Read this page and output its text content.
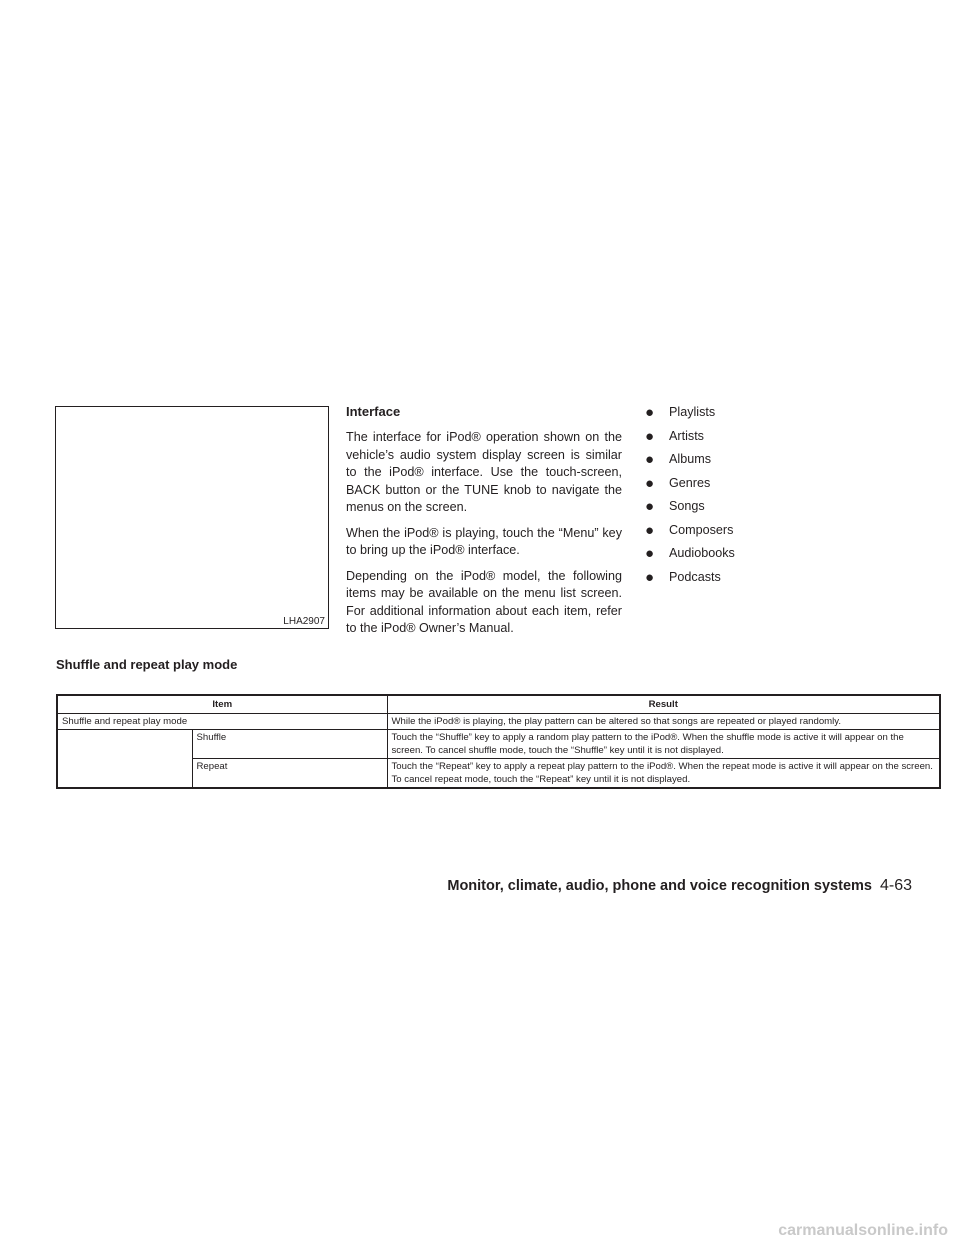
LHA2907
Interface

The interface for iPod® operation shown on the vehicle’s audio system display screen is similar to the iPod® interface. Use the touch-screen, BACK button or the TUNE knob to navigate the menus on the screen.

When the iPod® is playing, touch the “Menu” key to bring up the iPod® interface.

Depending on the iPod® model, the following items may be available on the menu list screen. For additional information about each item, refer to the iPod® Owner’s Manual.

● Playlists
● Artists
● Albums
● Genres
● Songs
● Composers
● Audiobooks
● Podcasts
Shuffle and repeat play mode
Item		Result
Shuffle and repeat play mode		While the iPod® is playing, the play pattern can be altered so that songs are repeated or played randomly.
	Shuffle	Touch the “Shuffle” key to apply a random play pattern to the iPod®. When the shuffle mode is active it will appear on the screen. To cancel shuffle mode, touch the “Shuffle” key until it is not displayed.
	Repeat	Touch the “Repeat” key to apply a repeat play pattern to the iPod®. When the repeat mode is active it will appear on the screen. To cancel repeat mode, touch the “Repeat” key until it is not displayed.
Monitor, climate, audio, phone and voice recognition systems 4-63
carmanualsonline.info
